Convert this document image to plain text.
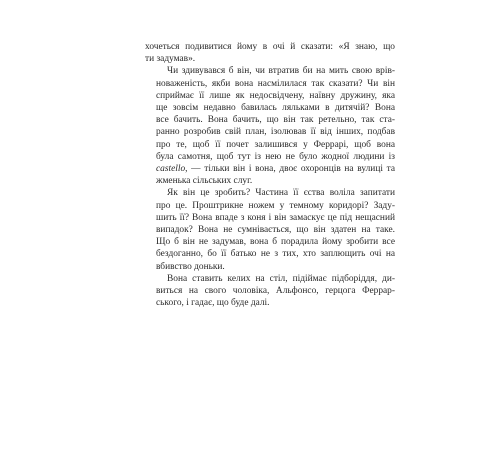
хочеться подивитися йому в очі й сказати: «Я знаю, що
ти задумав».

Чи здивувався б він, чи втратив би на мить свою врів-
новаженість, якби вона насмілилася так сказати? Чи він
сприймає її лише як недосвідчену, наївну дружину, яка
ще зовсім недавно бавилась ляльками в дитячій? Вона
все бачить. Вона бачить, що він так ретельно, так ста-
ранно розробив свій план, ізолював її від інших, подбав
про те, щоб її почет залишився у Феррарі, щоб вона
була самотня, щоб тут із нею не було жодної людини із
castello, — тільки він і вона, двоє охоронців на вулиці та
жменька сільських слуг.

Як він це зробить? Частина її єства воліла запитати
про це. Проштрикне ножем у темному коридорі? Заду-
шить її? Вона впаде з коня і він замаскує це під нещасний
випадок? Вона не сумнівається, що він здатен на таке.
Що б він не задумав, вона б порадила йому зробити все
бездоганно, бо її батько не з тих, хто заплющить очі на
вбивство доньки.

Вона ставить келих на стіл, підіймає підборіддя, ди-
виться на свого чоловіка, Альфонсо, герцога Феррар-
ського, і гадає, що буде далі.
